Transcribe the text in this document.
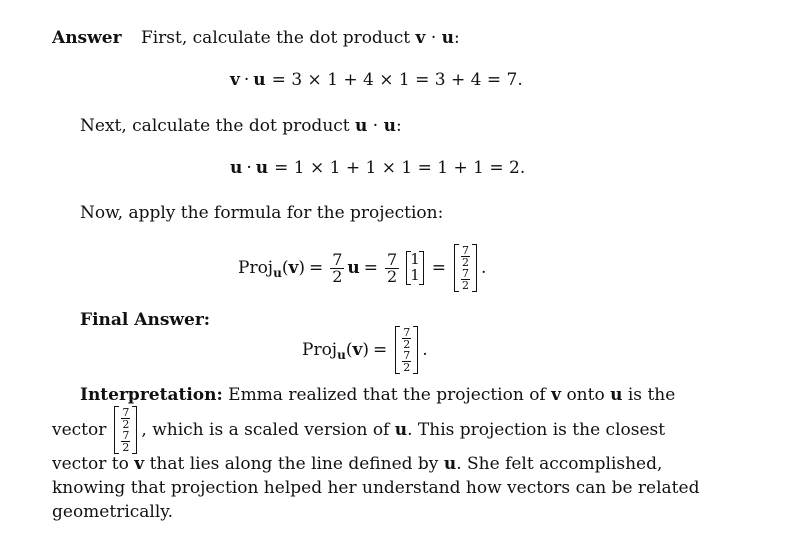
Answer First, calculate the dot product v · u:
v · u = 3 × 1 + 4 × 1 = 3 + 4 = 7.
Next, calculate the dot product u · u:
u · u = 1 × 1 + 1 × 1 = 1 + 1 = 2.
Now, apply the formula for the projection:
Proj u ( v ) = $\frac{7}{2}$ $u = \frac{7}{2} 1$
$1 = \frac{7}{2}$
$\frac{7}{2}$ .
Final Answer:
Proj u ( v ) = $\frac{7}{2}$
$\frac{7}{2}$ .
Interpretation: Emma realized that the projection of v onto u is the
vector $\frac{7}{2}$
$\frac{7}{2}$ , which is a scaled version of
u . This projection is the closest
vector to v that lies along the line defined by u. She felt accomplished,
knowing that projection helped her understand how vectors can be related
geometrically.
